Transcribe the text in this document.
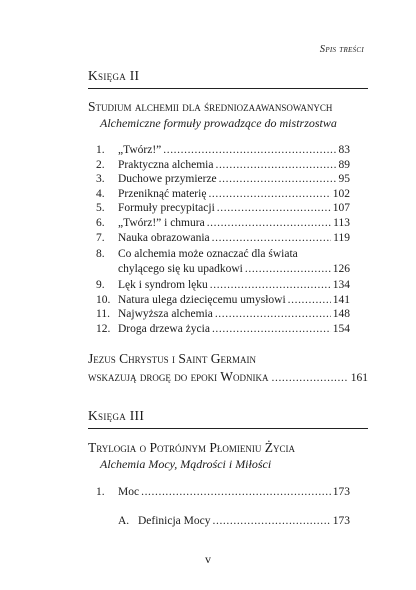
Spis treści
Księga II
Studium alchemii dla średniozaawansowanych
Alchemiczne formuły prowadzące do mistrzostwa
1.	„Twórz!” .....	83
2.	Praktyczna alchemia .....	89
3.	Duchowe przymierze .....	95
4.	Przeniknąć materię .....	102
5.	Formuły precypitacji .....	107
6.	„Twórz!” i chmura .....	113
7.	Nauka obrazowania .....	119
8.	Co alchemia może oznaczać dla świata
chylącego się ku upadkowi .....	126
9.	Lęk i syndrom lęku .....	134
10. Natura ulega dziecięcemu umysłowi .....	141
11. Najwyższa alchemia .....	148
12. Droga drzewa życia .....	154
Jezus Chrystus i Saint Germain
wskazują drogę do epoki Wodnika .....	161
Księga III
Trylogia o Potrójnym Płomieniu Życia
Alchemia Mocy, Mądrości i Miłości
1.	Moc .....	173
A. Definicja Mocy .....	173
v
